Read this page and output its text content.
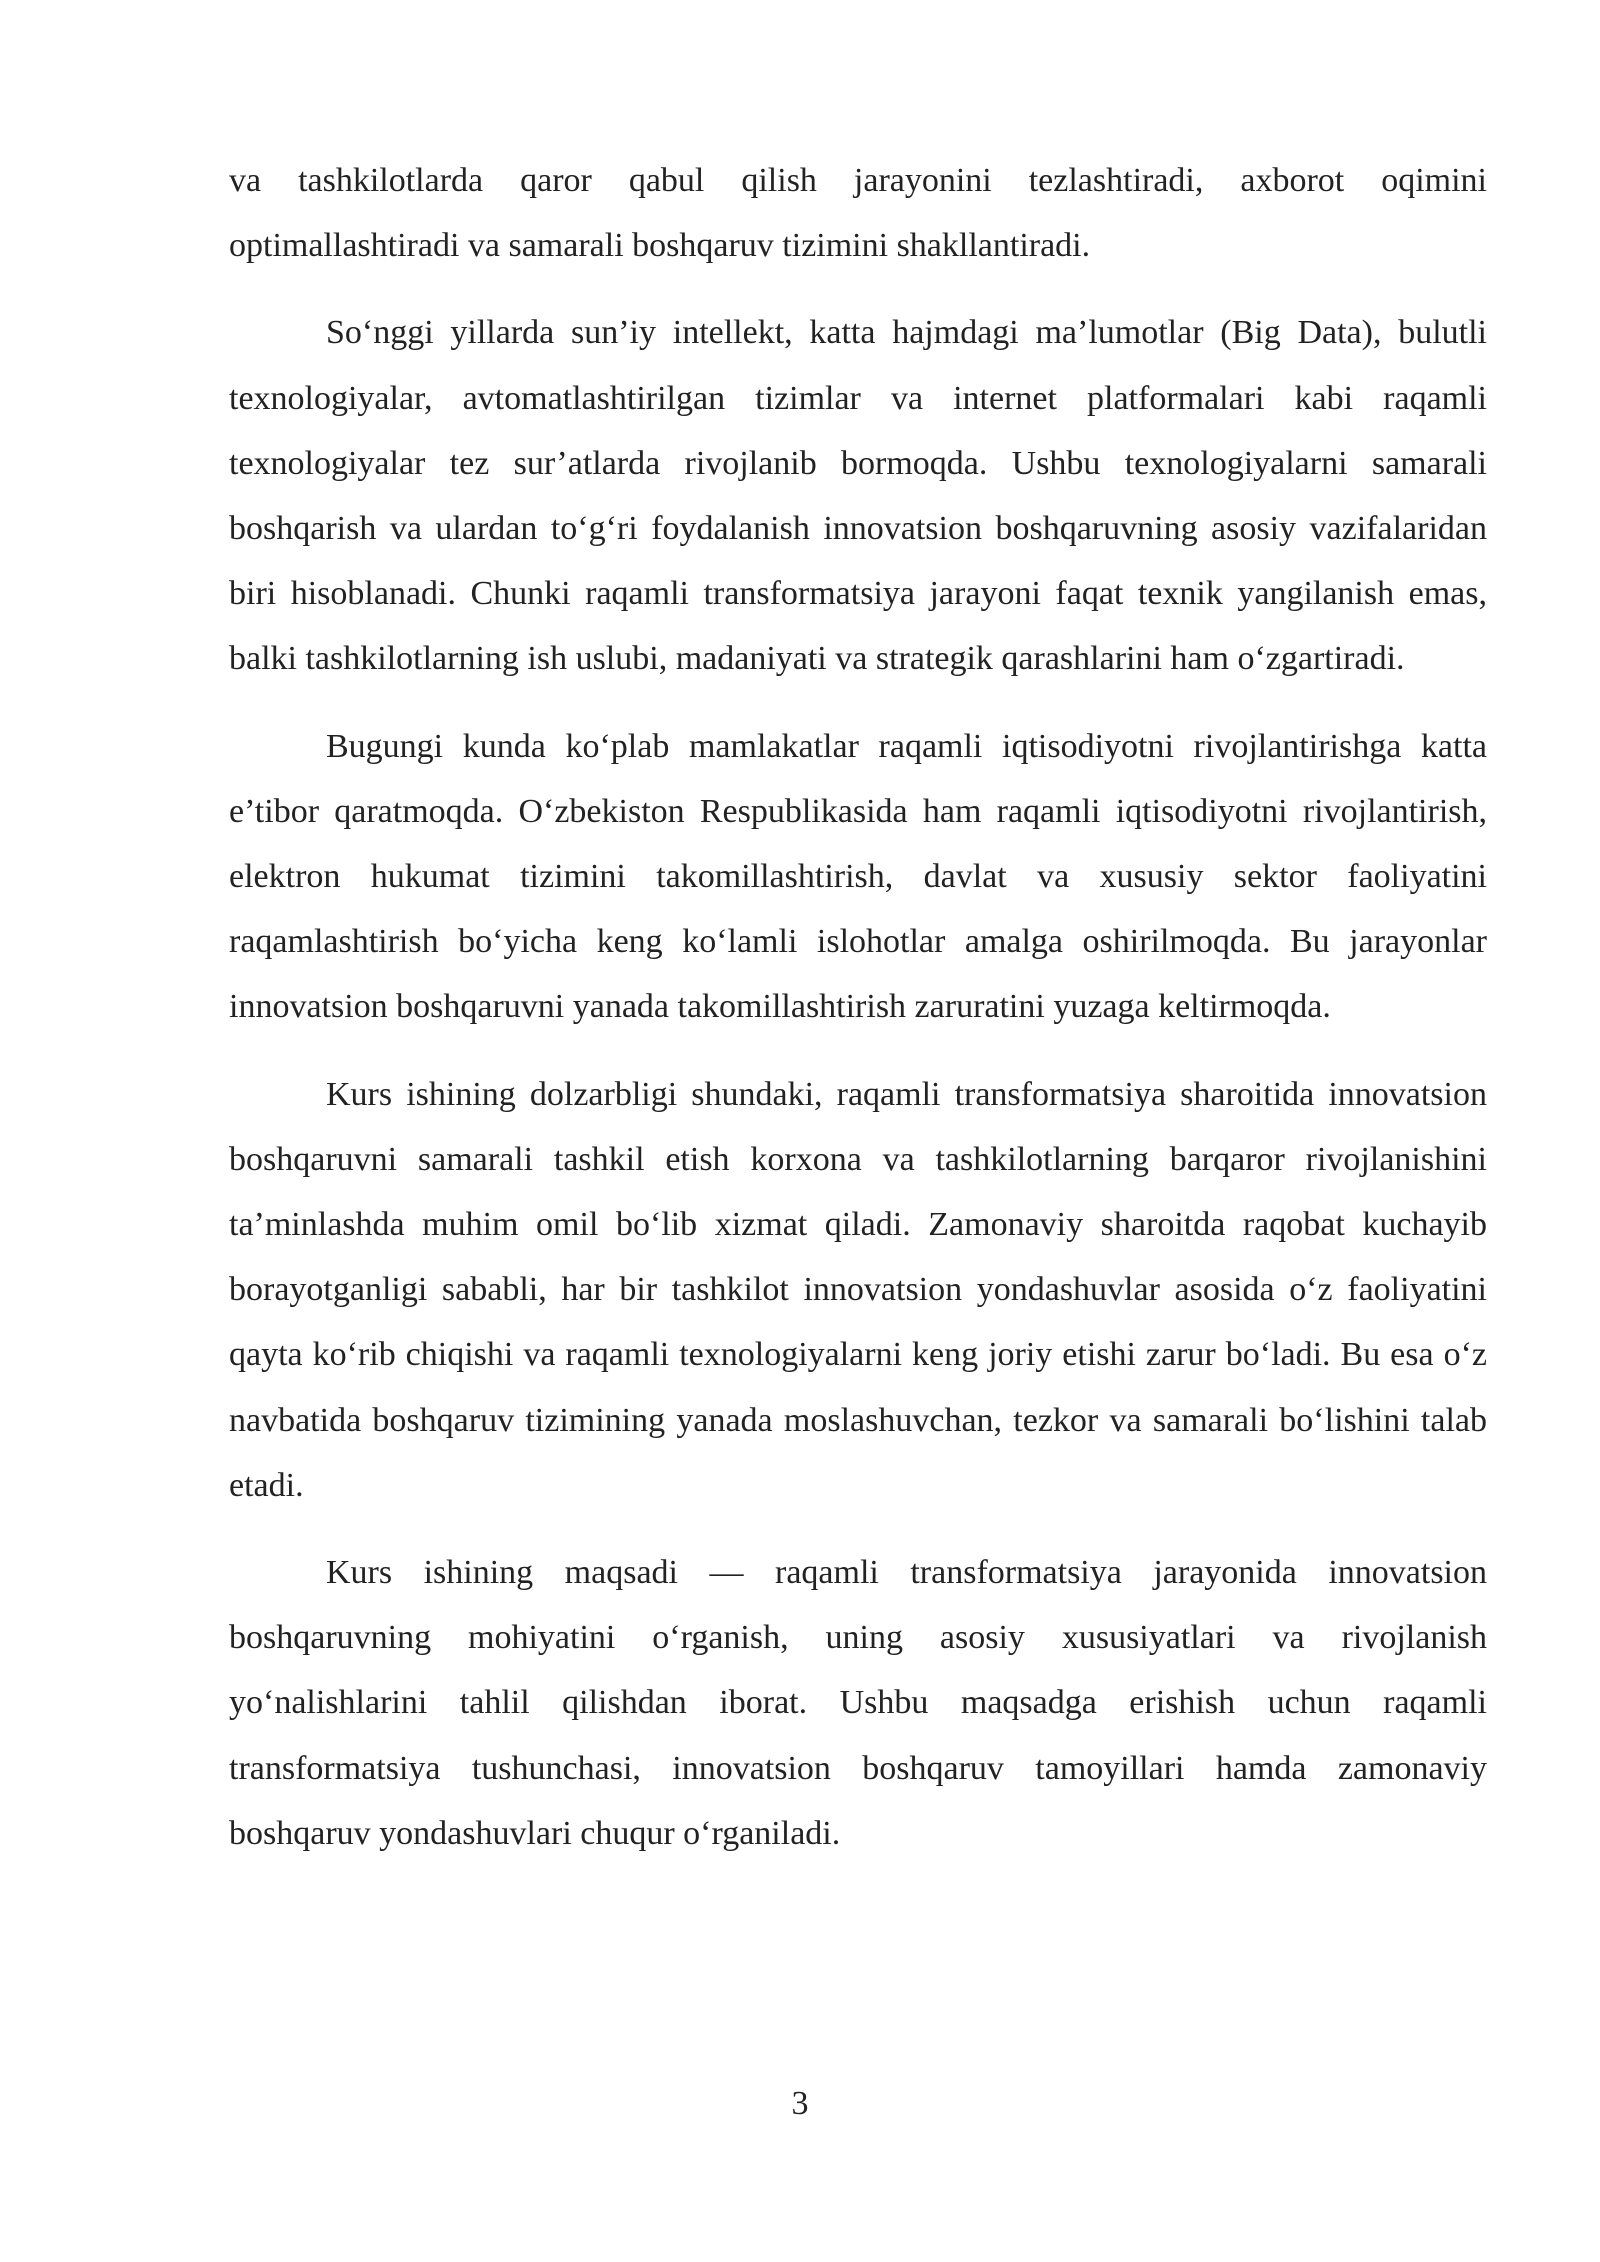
va tashkilotlarda qaror qabul qilish jarayonini tezlashtiradi, axborot oqimini optimallashtiradi va samarali boshqaruv tizimini shakllantiradi.

So‘nggi yillarda sun’iy intellekt, katta hajmdagi ma’lumotlar (Big Data), bulutli texnologiyalar, avtomatlashtirilgan tizimlar va internet platformalari kabi raqamli texnologiyalar tez sur’atlarda rivojlanib bormoqda. Ushbu texnologiyalarni samarali boshqarish va ulardan to‘g‘ri foydalanish innovatsion boshqaruvning asosiy vazifalaridan biri hisoblanadi. Chunki raqamli transformatsiya jarayoni faqat texnik yangilanish emas, balki tashkilotlarning ish uslubi, madaniyati va strategik qarashlarini ham o‘zgartiradi.

Bugungi kunda ko‘plab mamlakatlar raqamli iqtisodiyotni rivojlantirishga katta e’tibor qaratmoqda. O‘zbekiston Respublikasida ham raqamli iqtisodiyotni rivojlantirish, elektron hukumat tizimini takomillashtirish, davlat va xususiy sektor faoliyatini raqamlashtirish bo‘yicha keng ko‘lamli islohotlar amalga oshirilmoqda. Bu jarayonlar innovatsion boshqaruvni yanada takomillashtirish zaruratini yuzaga keltirmoqda.

Kurs ishining dolzarbligi shundaki, raqamli transformatsiya sharoitida innovatsion boshqaruvni samarali tashkil etish korxona va tashkilotlarning barqaror rivojlanishini ta’minlashda muhim omil bo‘lib xizmat qiladi. Zamonaviy sharoitda raqobat kuchayib borayotganligi sababli, har bir tashkilot innovatsion yondashuvlar asosida o‘z faoliyatini qayta ko‘rib chiqishi va raqamli texnologiyalarni keng joriy etishi zarur bo‘ladi. Bu esa o‘z navbatida boshqaruv tizimining yanada moslashuvchan, tezkor va samarali bo‘lishini talab etadi.

Kurs ishining maqsadi — raqamli transformatsiya jarayonida innovatsion boshqaruvning mohiyatini o‘rganish, uning asosiy xususiyatlari va rivojlanish yo‘nalishlarini tahlil qilishdan iborat. Ushbu maqsadga erishish uchun raqamli transformatsiya tushunchasi, innovatsion boshqaruv tamoyillari hamda zamonaviy boshqaruv yondashuvlari chuqur o‘rganiladi.

3
